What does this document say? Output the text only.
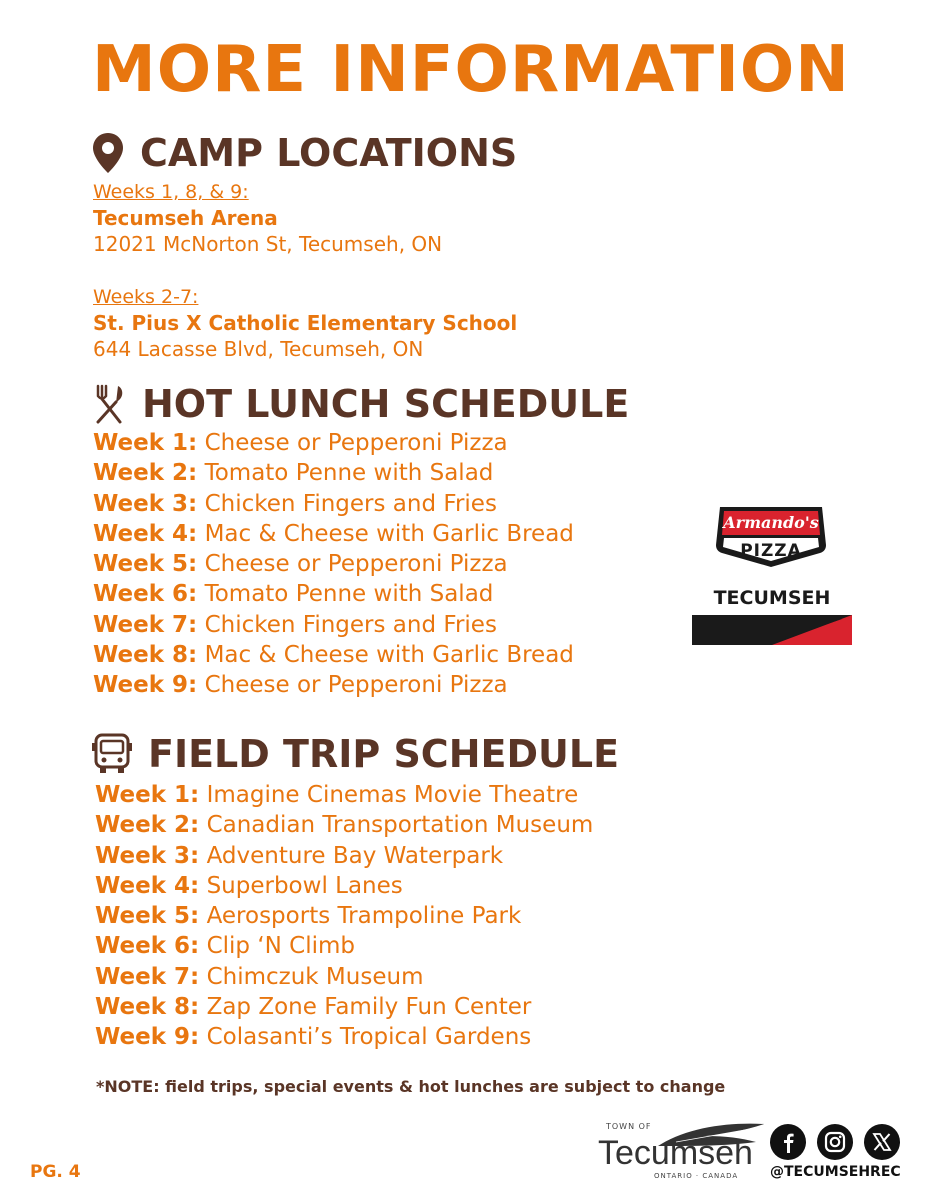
MORE INFORMATION
CAMP LOCATIONS
Weeks 1, 8, & 9:
Tecumseh Arena
12021 McNorton St, Tecumseh, ON
Weeks 2-7:
St. Pius X Catholic Elementary School
644 Lacasse Blvd, Tecumseh, ON
HOT LUNCH SCHEDULE
Week 1: Cheese or Pepperoni Pizza
Week 2: Tomato Penne with Salad
Week 3: Chicken Fingers and Fries
Week 4: Mac & Cheese with Garlic Bread
Week 5: Cheese or Pepperoni Pizza
Week 6: Tomato Penne with Salad
Week 7: Chicken Fingers and Fries
Week 8: Mac & Cheese with Garlic Bread
Week 9: Cheese or Pepperoni Pizza
Armando's
PIZZA
TECUMSEH
FIELD TRIP SCHEDULE
Week 1: Imagine Cinemas Movie Theatre
Week 2: Canadian Transportation Museum
Week 3: Adventure Bay Waterpark
Week 4: Superbowl Lanes
Week 5: Aerosports Trampoline Park
Week 6: Clip ‘N Climb
Week 7: Chimczuk Museum
Week 8: Zap Zone Family Fun Center
Week 9: Colasanti’s Tropical Gardens
*NOTE: field trips, special events & hot lunches are subject to change
PG. 4
TOWN OF
Tecumseh
ONTARIO · CANADA @TECUMSEHREC
